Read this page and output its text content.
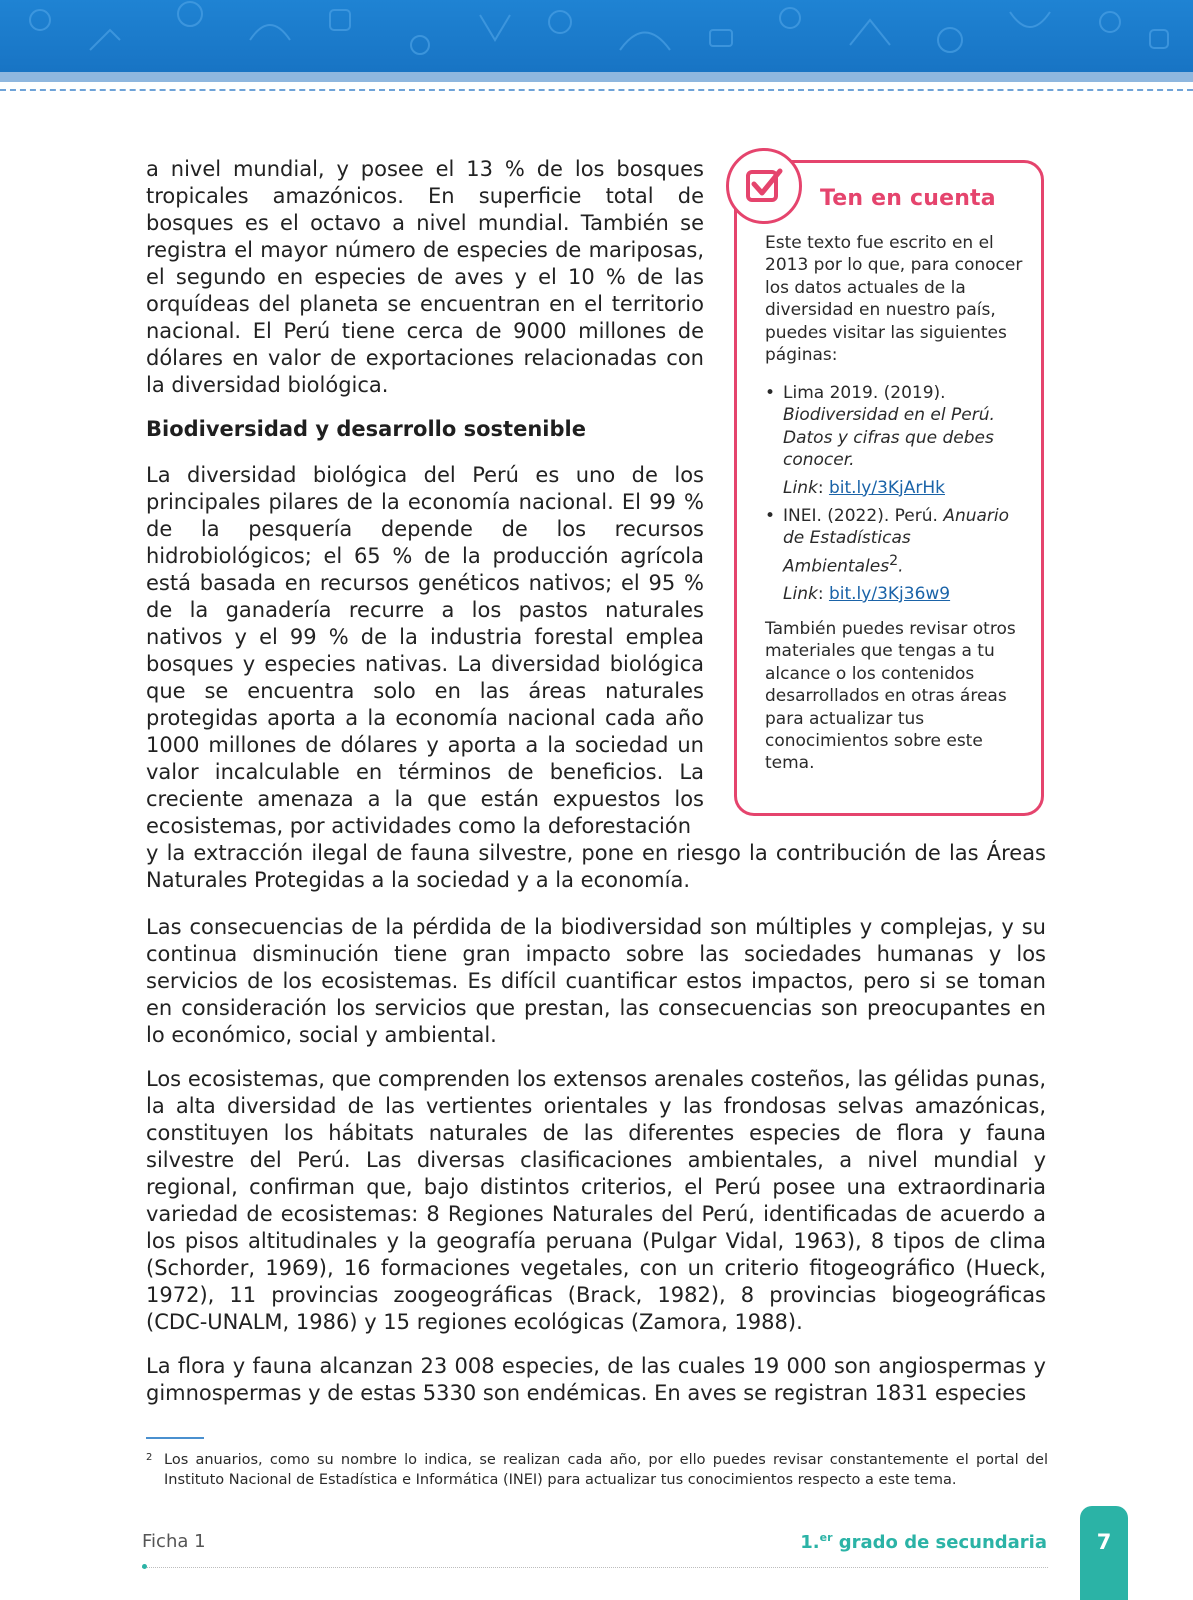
a nivel mundial, y posee el 13 % de los bosques tropicales amazónicos. En superficie total de bosques es el octavo a nivel mundial. También se registra el mayor número de especies de mariposas, el segundo en especies de aves y el 10 % de las orquídeas del planeta se encuentran en el territorio nacional. El Perú tiene cerca de 9000 millones de dólares en valor de exportaciones relacionadas con la diversidad biológica.
Biodiversidad y desarrollo sostenible
La diversidad biológica del Perú es uno de los principales pilares de la economía nacional. El 99 % de la pesquería depende de los recursos hidrobiológicos; el 65 % de la producción agrícola está basada en recursos genéticos nativos; el 95 % de la ganadería recurre a los pastos naturales nativos y el 99 % de la industria forestal emplea bosques y especies nativas. La diversidad biológica que se encuentra solo en las áreas naturales protegidas aporta a la economía nacional cada año 1000 millones de dólares y aporta a la sociedad un valor incalculable en términos de beneficios. La creciente amenaza a la que están expuestos los ecosistemas, por actividades como la deforestación
y la extracción ilegal de fauna silvestre, pone en riesgo la contribución de las Áreas Naturales Protegidas a la sociedad y a la economía.
Las consecuencias de la pérdida de la biodiversidad son múltiples y complejas, y su continua disminución tiene gran impacto sobre las sociedades humanas y los servicios de los ecosistemas. Es difícil cuantificar estos impactos, pero si se toman en consideración los servicios que prestan, las consecuencias son preocupantes en lo económico, social y ambiental.
Los ecosistemas, que comprenden los extensos arenales costeños, las gélidas punas, la alta diversidad de las vertientes orientales y las frondosas selvas amazónicas, constituyen los hábitats naturales de las diferentes especies de flora y fauna silvestre del Perú. Las diversas clasificaciones ambientales, a nivel mundial y regional, confirman que, bajo distintos criterios, el Perú posee una extraordinaria variedad de ecosistemas: 8 Regiones Naturales del Perú, identificadas de acuerdo a los pisos altitudinales y la geografía peruana (Pulgar Vidal, 1963), 8 tipos de clima (Schorder, 1969), 16 formaciones vegetales, con un criterio fitogeográfico (Hueck, 1972), 11 provincias zoogeográficas (Brack, 1982), 8 provincias biogeográficas (CDC-UNALM, 1986) y 15 regiones ecológicas (Zamora, 1988).
La flora y fauna alcanzan 23 008 especies, de las cuales 19 000 son angiospermas y gimnospermas y de estas 5330 son endémicas. En aves se registran 1831 especies

Ten en cuenta

Este texto fue escrito en el 2013 por lo que, para conocer los datos actuales de la diversidad en nuestro país, puedes visitar las siguientes páginas:

• Lima 2019. (2019). Biodiversidad en el Perú. Datos y cifras que debes conocer.
Link: bit.ly/3KjArHk
• INEI. (2022). Perú. Anuario de Estadísticas Ambientales$^2$.
Link: bit.ly/3Kj36w9

También puedes revisar otros materiales que tengas a tu alcance o los contenidos desarrollados en otras áreas para actualizar tus conocimientos sobre este tema.

2 Los anuarios, como su nombre lo indica, se realizan cada año, por ello puedes revisar constantemente el portal del Instituto Nacional de Estadística e Informática (INEI) para actualizar tus conocimientos respecto a este tema.

Ficha 1	1.$^{er}$ grado de secundaria	7
